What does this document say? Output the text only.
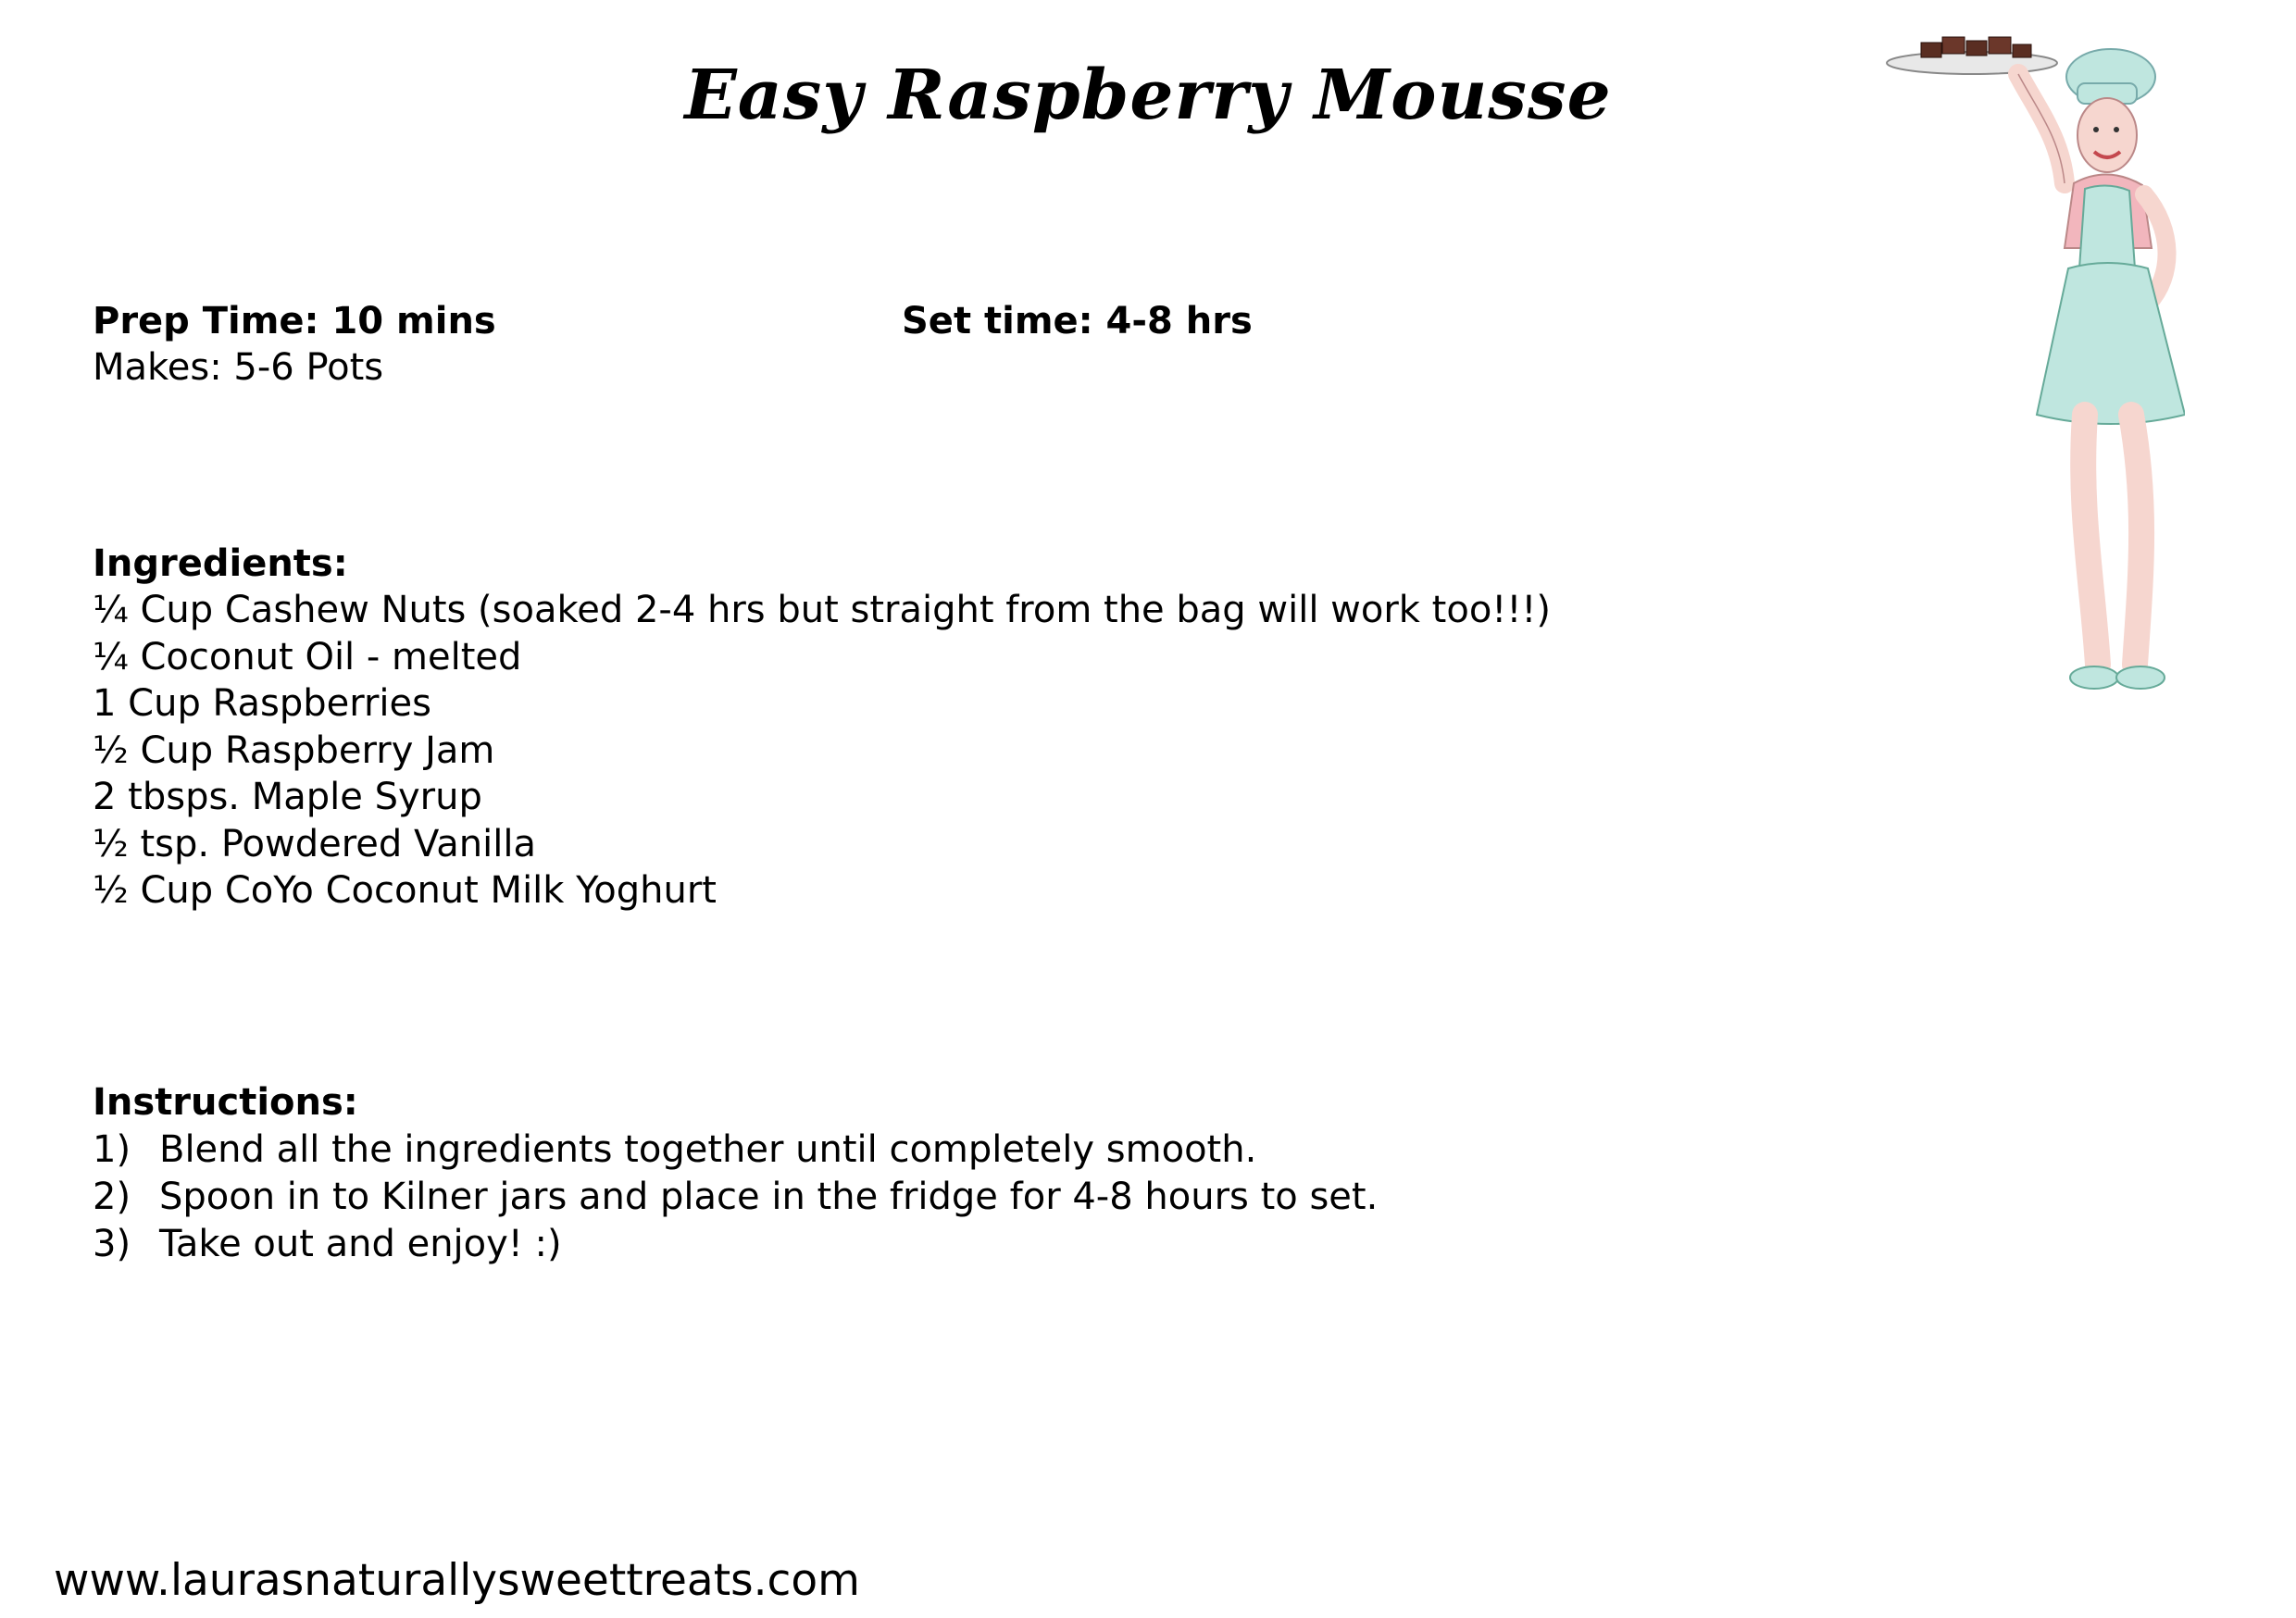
Easy Raspberry Mousse
Prep Time: 10 mins	Set time: 4-8 hrs
Makes: 5-6 Pots
Ingredients:
¼ Cup Cashew Nuts (soaked 2-4 hrs but straight from the bag will work too!!!)
¼ Coconut Oil - melted
1 Cup Raspberries
½ Cup Raspberry Jam
2 tbsps. Maple Syrup
½ tsp. Powdered Vanilla
½ Cup CoYo Coconut Milk Yoghurt
Instructions:
1) Blend all the ingredients together until completely smooth.
2) Spoon in to Kilner jars and place in the fridge for 4-8 hours to set.
3) Take out and enjoy! :)
www.laurasnaturallysweettreats.com
